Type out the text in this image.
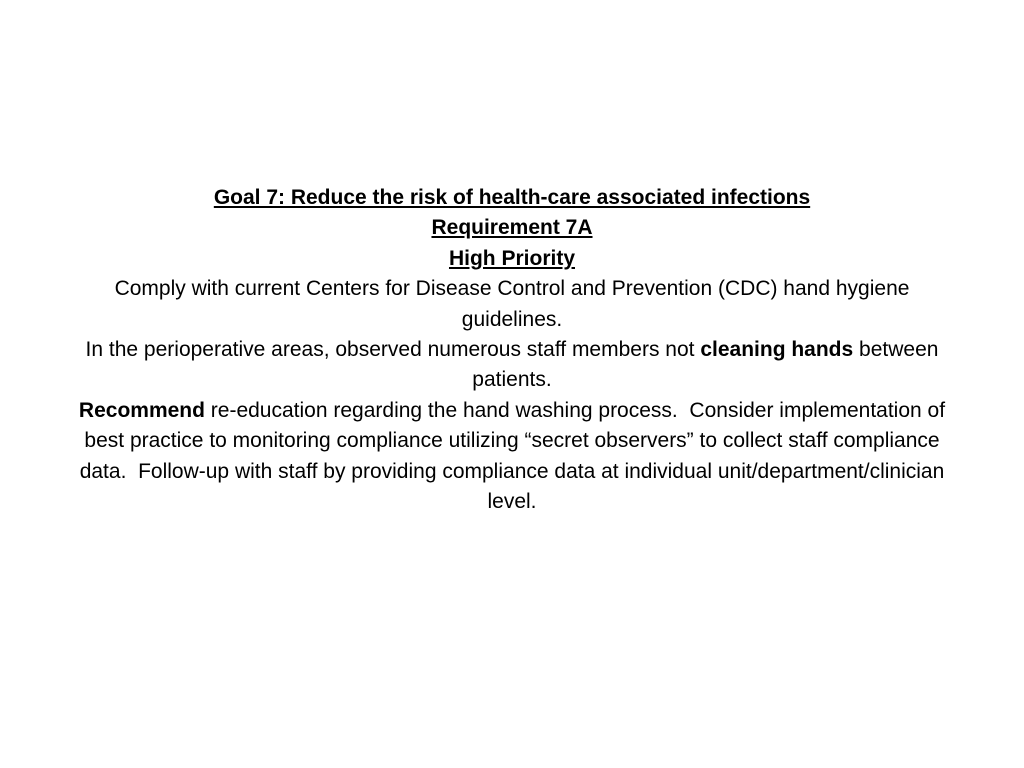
Goal 7: Reduce the risk of health-care associated infections
Requirement 7A
High Priority
Comply with current Centers for Disease Control and Prevention (CDC) hand hygiene guidelines.
In the perioperative areas, observed numerous staff members not cleaning hands between patients.
Recommend re-education regarding the hand washing process.  Consider implementation of best practice to monitoring compliance utilizing “secret observers” to collect staff compliance data.  Follow-up with staff by providing compliance data at individual unit/department/clinician level.
